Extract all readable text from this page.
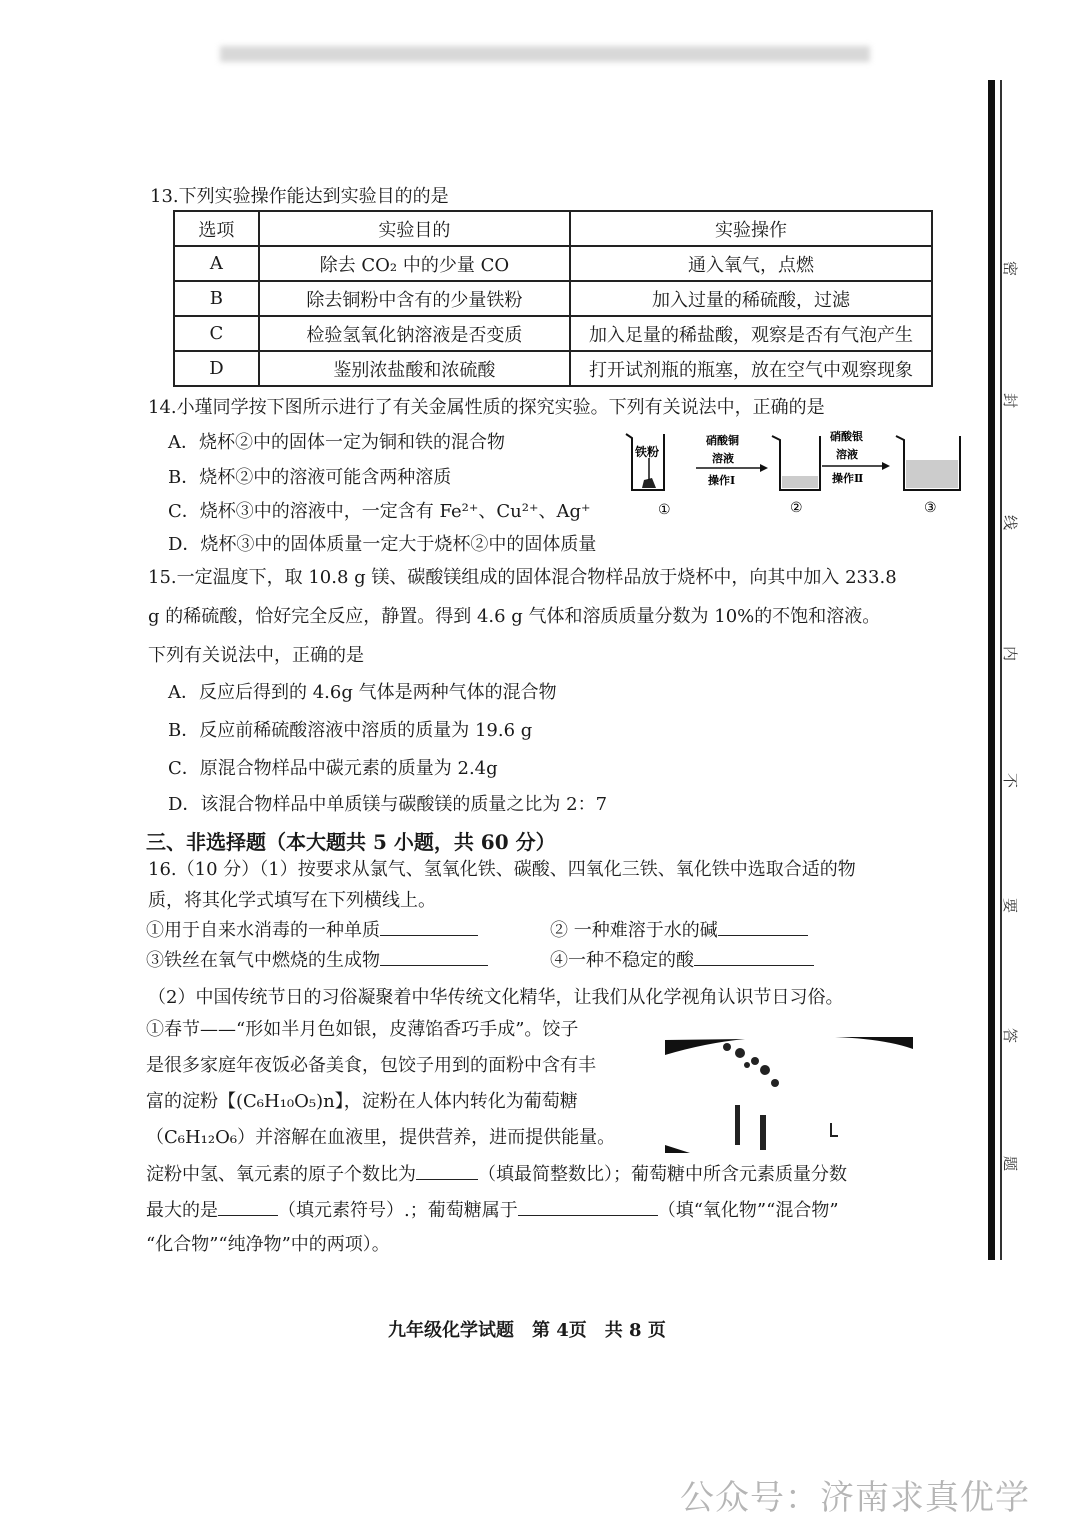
13.下列实验操作能达到实验目的的是
选项	实验目的	实验操作
A	除去 CO₂ 中的少量 CO	通入氧气，点燃
B	除去铜粉中含有的少量铁粉	加入过量的稀硫酸，过滤
C	检验氢氧化钠溶液是否变质	加入足量的稀盐酸，观察是否有气泡产生
D	鉴别浓盐酸和浓硫酸	打开试剂瓶的瓶塞，放在空气中观察现象
14.小瑾同学按下图所示进行了有关金属性质的探究实验。下列有关说法中，正确的是
A．烧杯②中的固体一定为铜和铁的混合物
B．烧杯②中的溶液可能含两种溶质
C．烧杯③中的溶液中，一定含有 Fe²⁺、Cu²⁺、Ag⁺
D．烧杯③中的固体质量一定大于烧杯②中的固体质量
铁粉
硝酸铜
溶液
操作Ⅰ
硝酸银
溶液
操作Ⅱ
①	②	③
15.一定温度下，取 10.8 g 镁、碳酸镁组成的固体混合物样品放于烧杯中，向其中加入 233.8
g 的稀硫酸，恰好完全反应，静置。得到 4.6 g 气体和溶质质量分数为 10%的不饱和溶液。
下列有关说法中，正确的是
A．反应后得到的 4.6g 气体是两种气体的混合物
B．反应前稀硫酸溶液中溶质的质量为 19.6 g
C．原混合物样品中碳元素的质量为 2.4g
D．该混合物样品中单质镁与碳酸镁的质量之比为 2：7
三、非选择题（本大题共 5 小题，共 60 分）
16.（10 分）（1）按要求从氯气、氢氧化铁、碳酸、四氧化三铁、氧化铁中选取合适的物
质，将其化学式填写在下列横线上。
①用于自来水消毒的一种单质	② 一种难溶于水的碱
③铁丝在氧气中燃烧的生成物	④一种不稳定的酸
（2）中国传统节日的习俗凝聚着中华传统文化精华，让我们从化学视角认识节日习俗。
①春节——“形如半月色如银，皮薄馅香巧手成”。饺子
是很多家庭年夜饭必备美食，包饺子用到的面粉中含有丰
富的淀粉【(C₆H₁₀O₅)n】，淀粉在人体内转化为葡萄糖
（C₆H₁₂O₆）并溶解在血液里，提供营养，进而提供能量。
淀粉中氢、氧元素的原子个数比为	（填最简整数比）；葡萄糖中所含元素质量分数
最大的是	（填元素符号）.；葡萄糖属于	（填“氧化物”“混合物”
“化合物”“纯净物”中的两项）。
九年级化学试题　第 4页　共 8 页
密
封
线
内
不
要
答
题
公众号：济南求真优学
